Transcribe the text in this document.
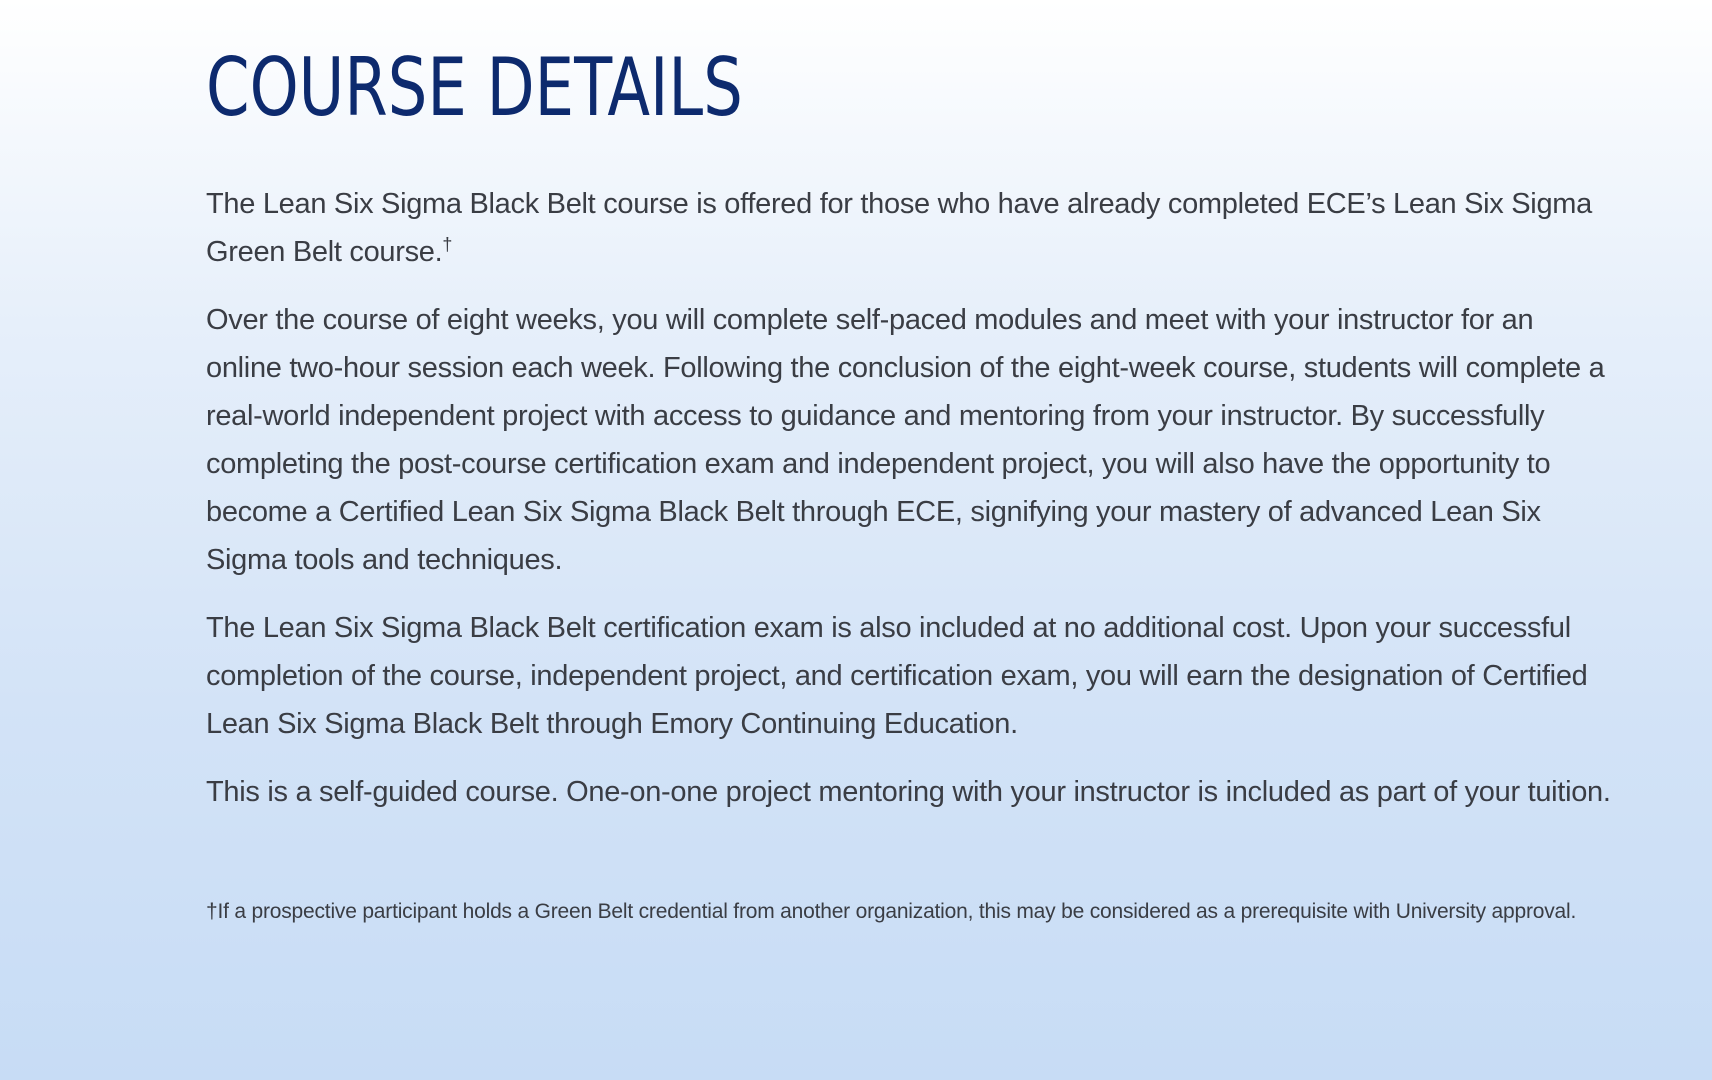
COURSE DETAILS

The Lean Six Sigma Black Belt course is offered for those who have already completed ECE’s Lean Six Sigma Green Belt course.†

Over the course of eight weeks, you will complete self-paced modules and meet with your instructor for an online two-hour session each week. Following the conclusion of the eight-week course, students will complete a real-world independent project with access to guidance and mentoring from your instructor. By successfully completing the post-course certification exam and independent project, you will also have the opportunity to become a Certified Lean Six Sigma Black Belt through ECE, signifying your mastery of advanced Lean Six Sigma tools and techniques.

The Lean Six Sigma Black Belt certification exam is also included at no additional cost. Upon your successful completion of the course, independent project, and certification exam, you will earn the designation of Certified Lean Six Sigma Black Belt through Emory Continuing Education.

This is a self-guided course. One-on-one project mentoring with your instructor is included as part of your tuition.

†If a prospective participant holds a Green Belt credential from another organization, this may be considered as a prerequisite with University approval.
